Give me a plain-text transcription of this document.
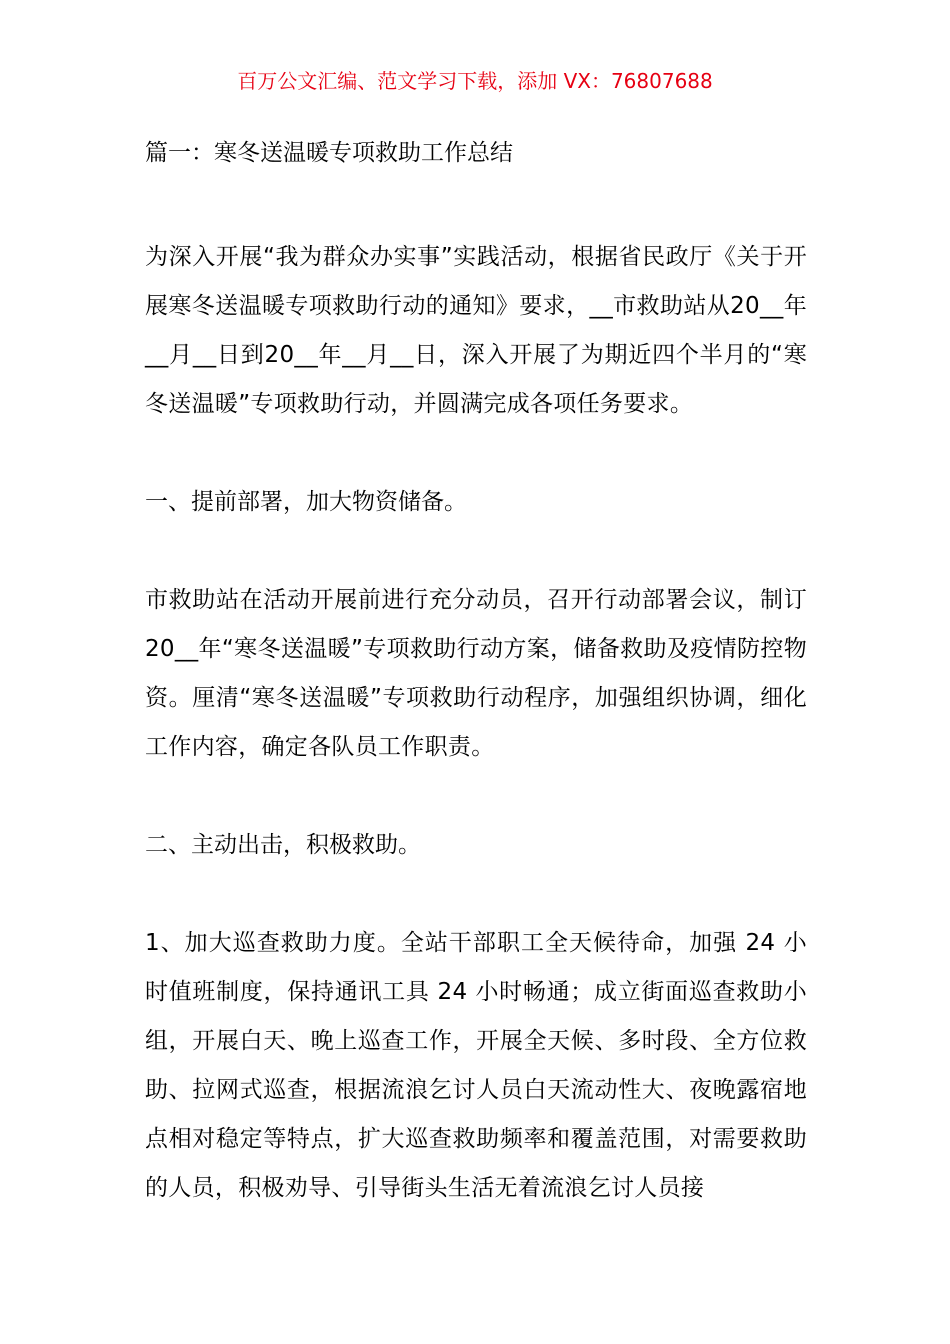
百万公文汇编、范文学习下载，添加 VX：76807688

篇一：寒冬送温暖专项救助工作总结

为深入开展“我为群众办实事”实践活动，根据省民政厅《关于开展寒冬送温暖专项救助行动的通知》要求，__市救助站从20__年__月__日到20__年__月__日，深入开展了为期近四个半月的“寒冬送温暖”专项救助行动，并圆满完成各项任务要求。

一、提前部署，加大物资储备。

市救助站在活动开展前进行充分动员，召开行动部署会议，制订 20__年“寒冬送温暖”专项救助行动方案，储备救助及疫情防控物资。厘清“寒冬送温暖”专项救助行动程序，加强组织协调，细化工作内容，确定各队员工作职责。

二、主动出击，积极救助。

1、加大巡查救助力度。全站干部职工全天候待命，加强 24 小时值班制度，保持通讯工具 24 小时畅通；成立街面巡查救助小组，开展白天、晚上巡查工作，开展全天候、多时段、全方位救助、拉网式巡查，根据流浪乞讨人员白天流动性大、夜晚露宿地点相对稳定等特点，扩大巡查救助频率和覆盖范围，对需要救助的人员，积极劝导、引导街头生活无着流浪乞讨人员接
